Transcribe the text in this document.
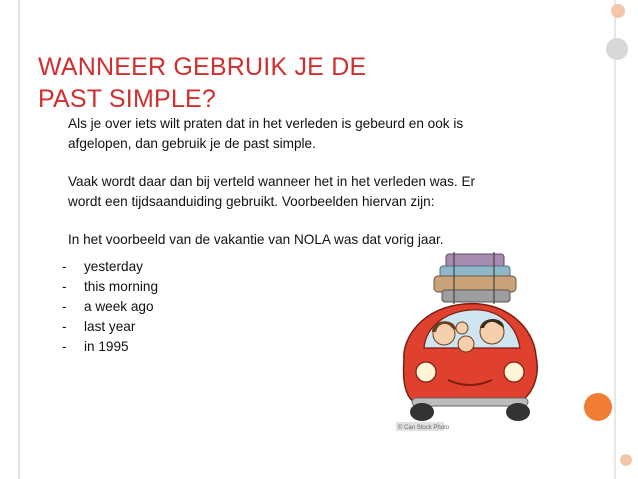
WANNEER GEBRUIK JE DE
PAST SIMPLE?
Als je over iets wilt praten dat in het verleden is gebeurd en ook is
afgelopen, dan gebruik je de past simple.
Vaak wordt daar dan bij verteld wanneer het in het verleden was. Er
wordt een tijdsaanduiding gebruikt. Voorbeelden hiervan zijn:
In het voorbeeld van de vakantie van NOLA was dat vorig jaar.
-	yesterday
-	this morning
-	a week ago
-	last year
-	in 1995
© Can Stock Photo
